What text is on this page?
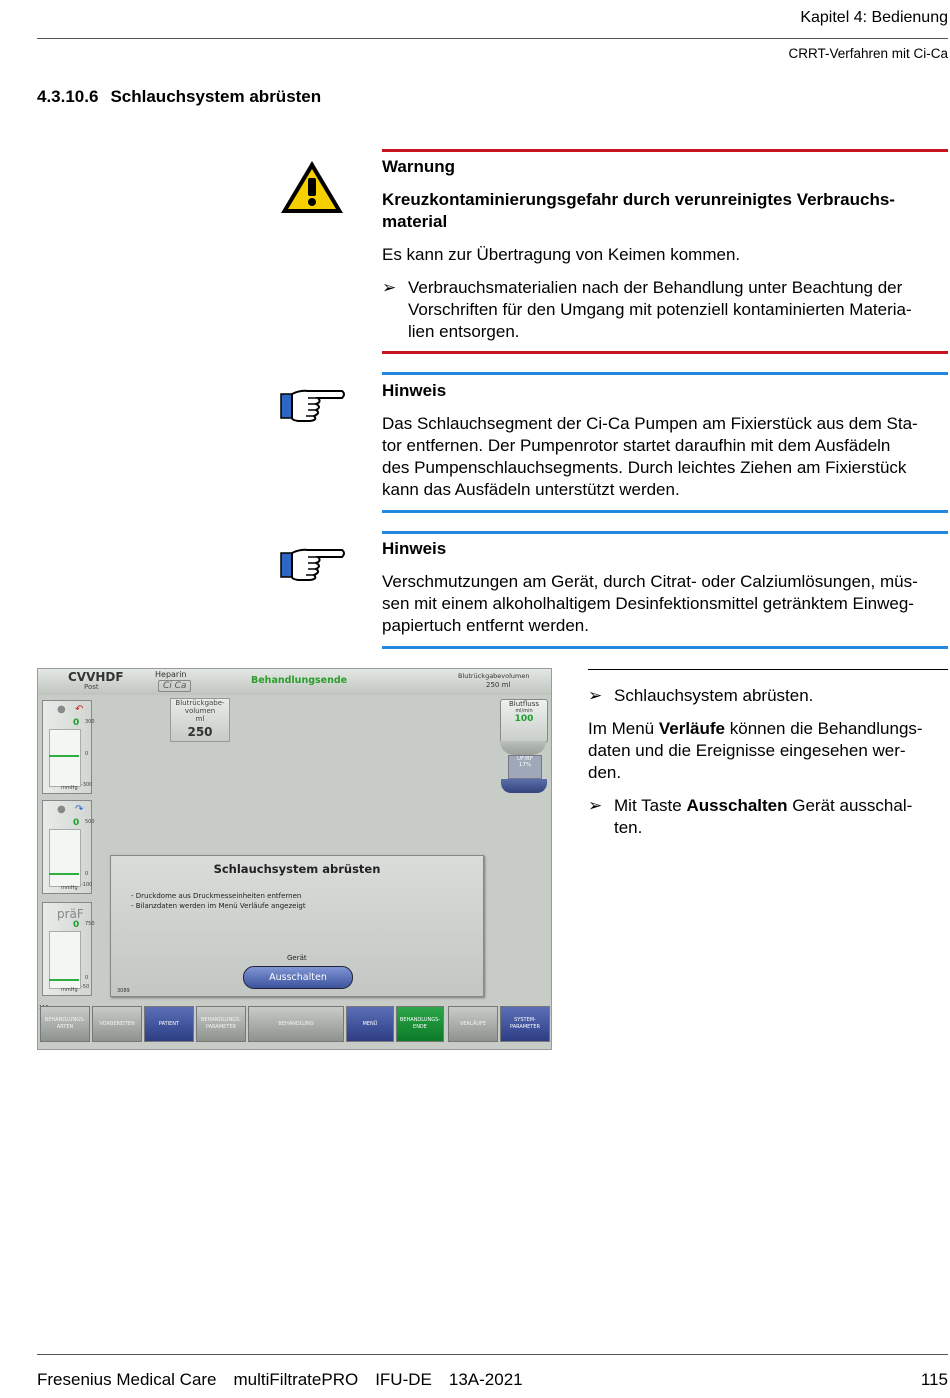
Kapitel 4: Bedienung
CRRT-Verfahren mit Ci-Ca
4.3.10.6 Schlauchsystem abrüsten
Warnung
Kreuzkontaminierungsgefahr durch verunreinigtes Verbrauchs-
material
Es kann zur Übertragung von Keimen kommen.
➢ Verbrauchsmaterialien nach der Behandlung unter Beachtung der
Vorschriften für den Umgang mit potenziell kontaminierten Materia-
lien entsorgen.
Hinweis
Das Schlauchsegment der Ci-Ca Pumpen am Fixierstück aus dem Sta-
tor entfernen. Der Pumpenrotor startet daraufhin mit dem Ausfädeln
des Pumpenschlauchsegments. Durch leichtes Ziehen am Fixierstück
kann das Ausfädeln unterstützt werden.
Hinweis
Verschmutzungen am Gerät, durch Citrat- oder Calziumlösungen, müs-
sen mit einem alkoholhaltigem Desinfektionsmittel getränktem Einweg-
papiertuch entfernt werden.
CVVHDF
Post
Heparin
Ci Ca	Behandlungsende	Blutrückgabevolumen
250 ml
● ↶
0 300
0
-300
mmHg
● ↷
0 500
0
-100
mmHg
präF
0 750
0
-50
mmHg
Blutrückgabe-
volumen
ml
250
Blutfluss
ml/min
100
UF/BF
17%
Schlauchsystem abrüsten
- Druckdome aus Druckmesseinheiten entfernen
- Bilanzdaten werden im Menü Verläufe angezeigt
Gerät
Ausschalten
3089
BEHANDLUNGS-ARTEN
VORBEREITEN	PATIENT
BEHANDLUNGS-PARAMETER
BEHANDLUNG	MENÜ
BEHANDLUNGS-ENDE
VERLÄUFE
SYSTEM-PARAMETER
➢ Schlauchsystem abrüsten.
Im Menü Verläufe können die Behandlungs-
daten und die Ereignisse eingesehen wer-
den.
➢ Mit Taste Ausschalten Gerät ausschal-
ten.
Fresenius Medical Care multiFiltratePRO IFU-DE 13A-2021	115
